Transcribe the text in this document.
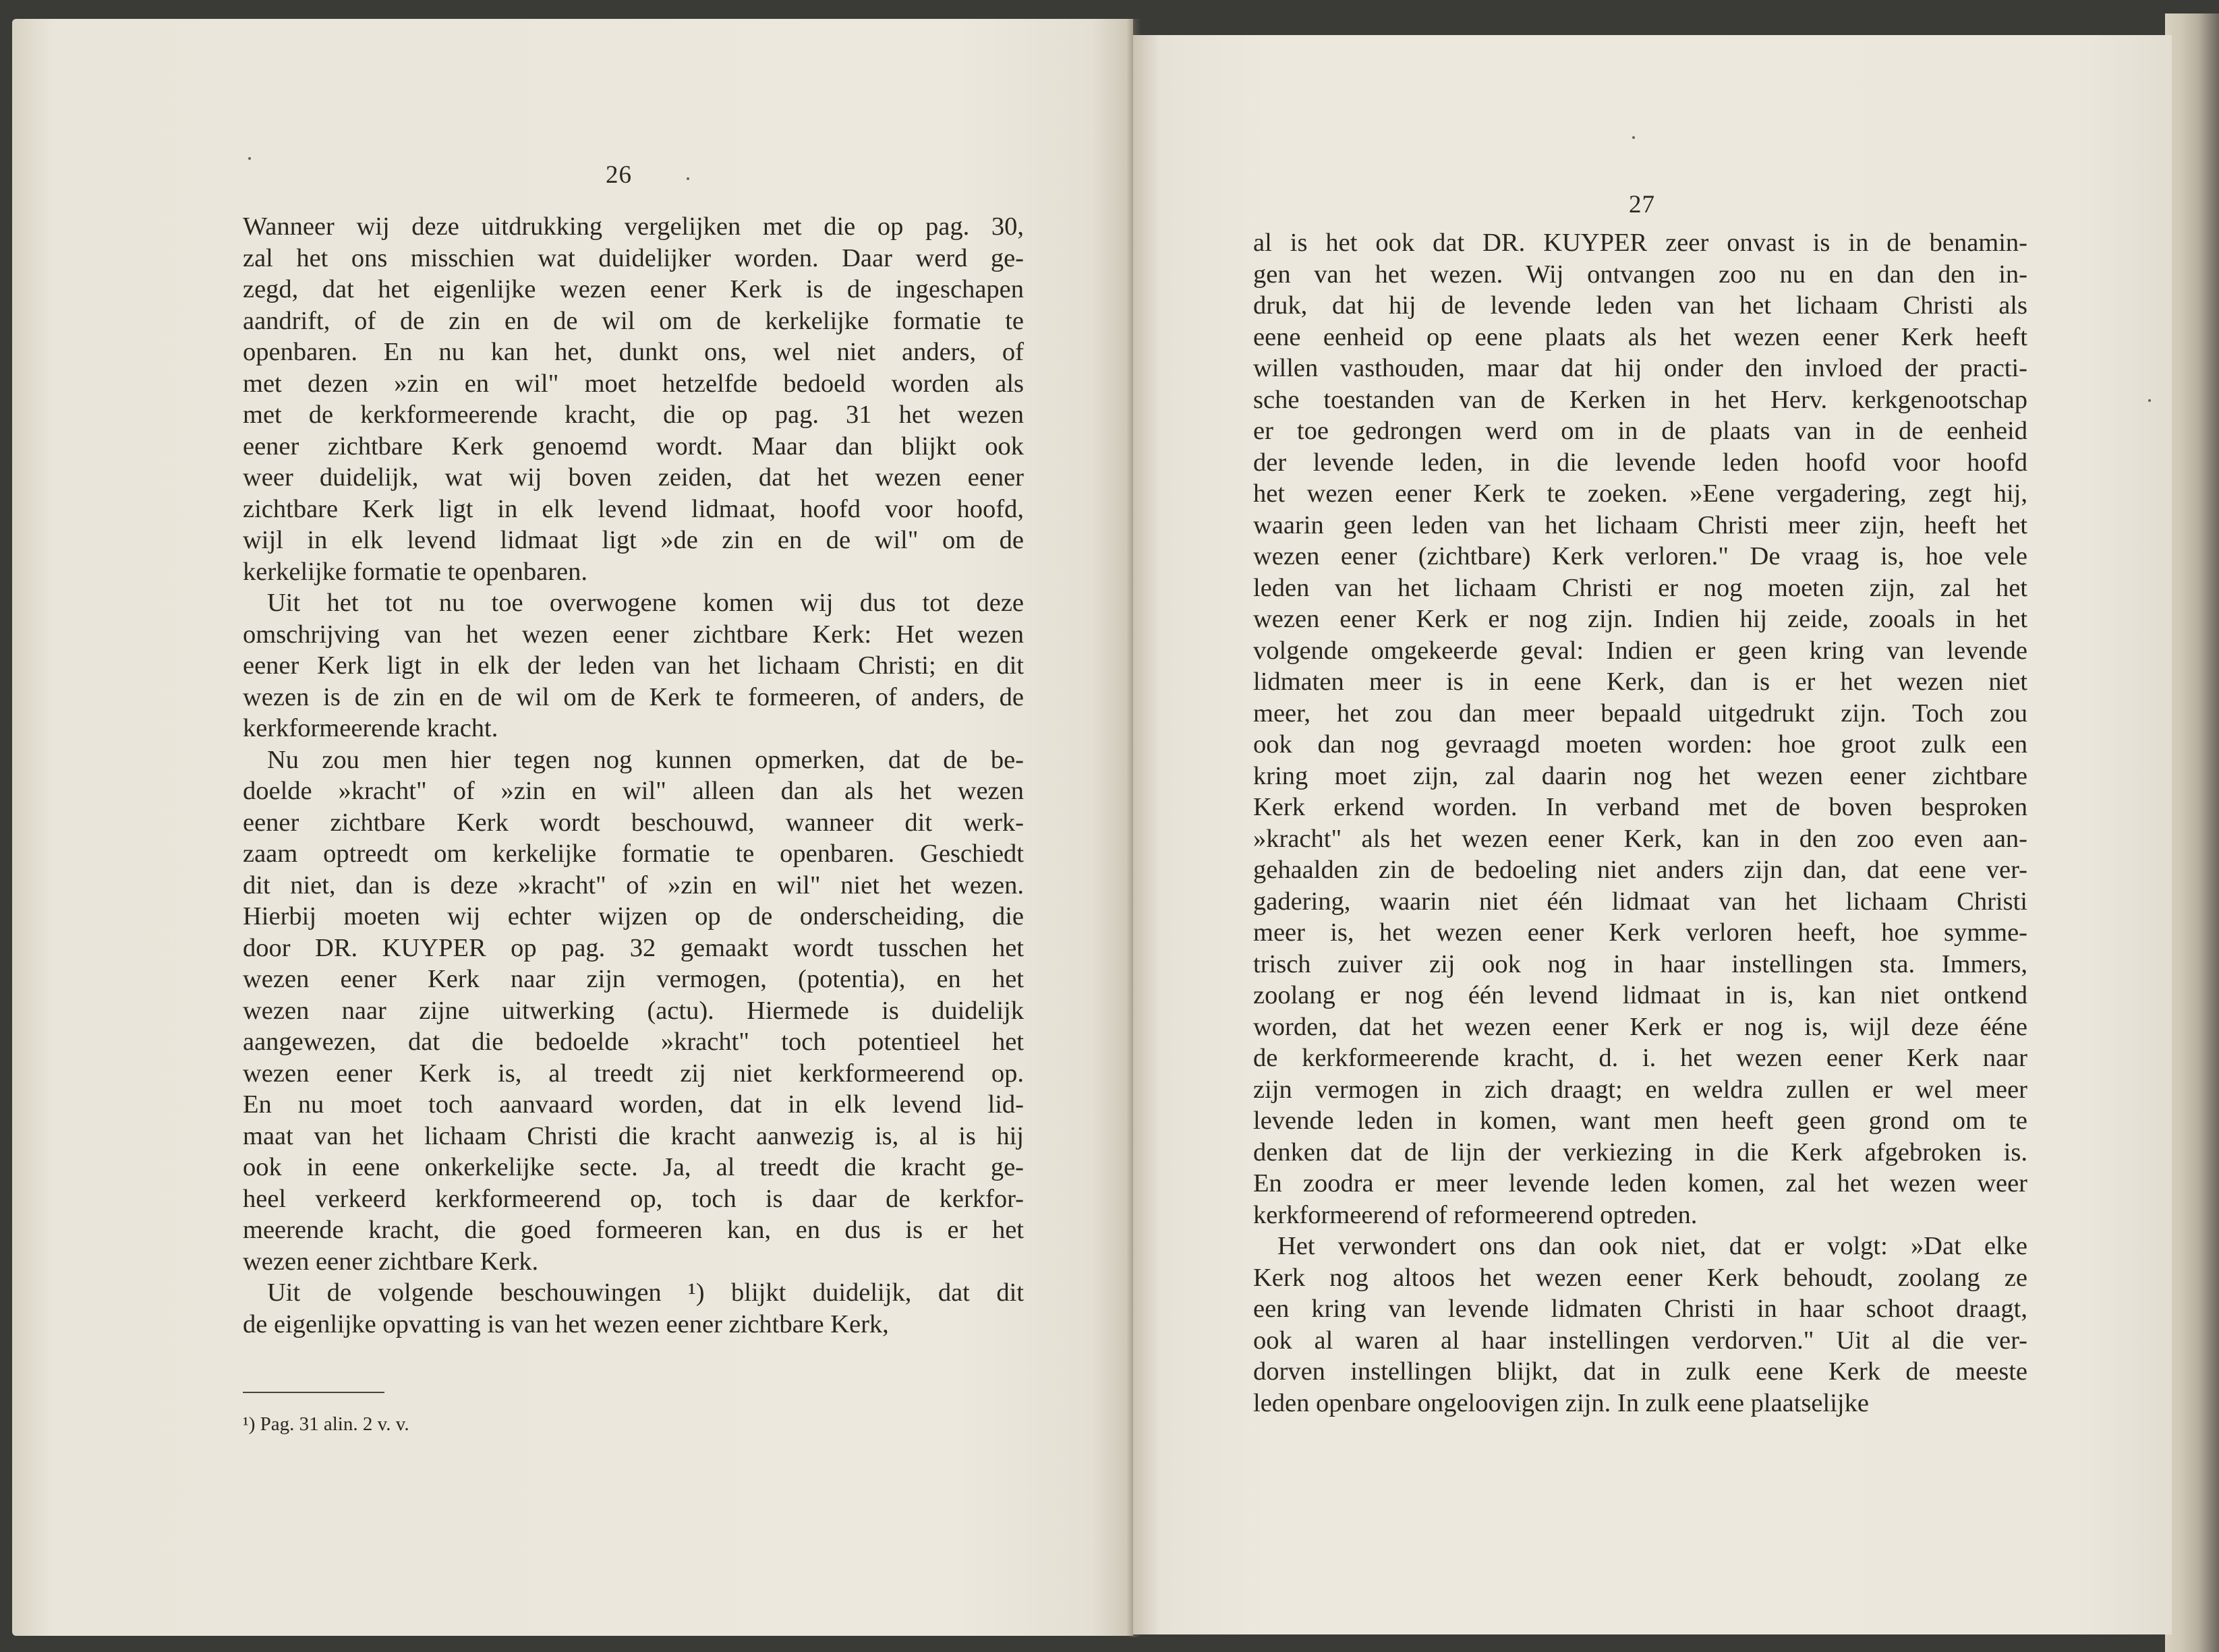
26
Wanneer wij deze uitdrukking vergelijken met die op pag. 30,
zal het ons misschien wat duidelijker worden. Daar werd ge-
zegd, dat het eigenlijke wezen eener Kerk is de ingeschapen
aandrift, of de zin en de wil om de kerkelijke formatie te
openbaren. En nu kan het, dunkt ons, wel niet anders, of
met dezen »zin en wil" moet hetzelfde bedoeld worden als
met de kerkformeerende kracht, die op pag. 31 het wezen
eener zichtbare Kerk genoemd wordt. Maar dan blijkt ook
weer duidelijk, wat wij boven zeiden, dat het wezen eener
zichtbare Kerk ligt in elk levend lidmaat, hoofd voor hoofd,
wijl in elk levend lidmaat ligt »de zin en de wil" om de
kerkelijke formatie te openbaren.
Uit het tot nu toe overwogene komen wij dus tot deze
omschrijving van het wezen eener zichtbare Kerk: Het wezen
eener Kerk ligt in elk der leden van het lichaam Christi; en dit
wezen is de zin en de wil om de Kerk te formeeren, of anders, de
kerkformeerende kracht.
Nu zou men hier tegen nog kunnen opmerken, dat de be-
doelde »kracht" of »zin en wil" alleen dan als het wezen
eener zichtbare Kerk wordt beschouwd, wanneer dit werk-
zaam optreedt om kerkelijke formatie te openbaren. Geschiedt
dit niet, dan is deze »kracht" of »zin en wil" niet het wezen.
Hierbij moeten wij echter wijzen op de onderscheiding, die
door DR. KUYPER op pag. 32 gemaakt wordt tusschen het
wezen eener Kerk naar zijn vermogen, (potentia), en het
wezen naar zijne uitwerking (actu). Hiermede is duidelijk
aangewezen, dat die bedoelde »kracht" toch potentieel het
wezen eener Kerk is, al treedt zij niet kerkformeerend op.
En nu moet toch aanvaard worden, dat in elk levend lid-
maat van het lichaam Christi die kracht aanwezig is, al is hij
ook in eene onkerkelijke secte. Ja, al treedt die kracht ge-
heel verkeerd kerkformeerend op, toch is daar de kerkfor-
meerende kracht, die goed formeeren kan, en dus is er het
wezen eener zichtbare Kerk.
Uit de volgende beschouwingen ¹) blijkt duidelijk, dat dit
de eigenlijke opvatting is van het wezen eener zichtbare Kerk,
¹) Pag. 31 alin. 2 v. v.
27
al is het ook dat DR. KUYPER zeer onvast is in de benamin-
gen van het wezen. Wij ontvangen zoo nu en dan den in-
druk, dat hij de levende leden van het lichaam Christi als
eene eenheid op eene plaats als het wezen eener Kerk heeft
willen vasthouden, maar dat hij onder den invloed der practi-
sche toestanden van de Kerken in het Herv. kerkgenootschap
er toe gedrongen werd om in de plaats van in de eenheid
der levende leden, in die levende leden hoofd voor hoofd
het wezen eener Kerk te zoeken. »Eene vergadering, zegt hij,
waarin geen leden van het lichaam Christi meer zijn, heeft het
wezen eener (zichtbare) Kerk verloren." De vraag is, hoe vele
leden van het lichaam Christi er nog moeten zijn, zal het
wezen eener Kerk er nog zijn. Indien hij zeide, zooals in het
volgende omgekeerde geval: Indien er geen kring van levende
lidmaten meer is in eene Kerk, dan is er het wezen niet
meer, het zou dan meer bepaald uitgedrukt zijn. Toch zou
ook dan nog gevraagd moeten worden: hoe groot zulk een
kring moet zijn, zal daarin nog het wezen eener zichtbare
Kerk erkend worden. In verband met de boven besproken
»kracht" als het wezen eener Kerk, kan in den zoo even aan-
gehaalden zin de bedoeling niet anders zijn dan, dat eene ver-
gadering, waarin niet één lidmaat van het lichaam Christi
meer is, het wezen eener Kerk verloren heeft, hoe symme-
trisch zuiver zij ook nog in haar instellingen sta. Immers,
zoolang er nog één levend lidmaat in is, kan niet ontkend
worden, dat het wezen eener Kerk er nog is, wijl deze ééne
de kerkformeerende kracht, d. i. het wezen eener Kerk naar
zijn vermogen in zich draagt; en weldra zullen er wel meer
levende leden in komen, want men heeft geen grond om te
denken dat de lijn der verkiezing in die Kerk afgebroken is.
En zoodra er meer levende leden komen, zal het wezen weer
kerkformeerend of reformeerend optreden.
Het verwondert ons dan ook niet, dat er volgt: »Dat elke
Kerk nog altoos het wezen eener Kerk behoudt, zoolang ze
een kring van levende lidmaten Christi in haar schoot draagt,
ook al waren al haar instellingen verdorven." Uit al die ver-
dorven instellingen blijkt, dat in zulk eene Kerk de meeste
leden openbare ongeloovigen zijn. In zulk eene plaatselijke
